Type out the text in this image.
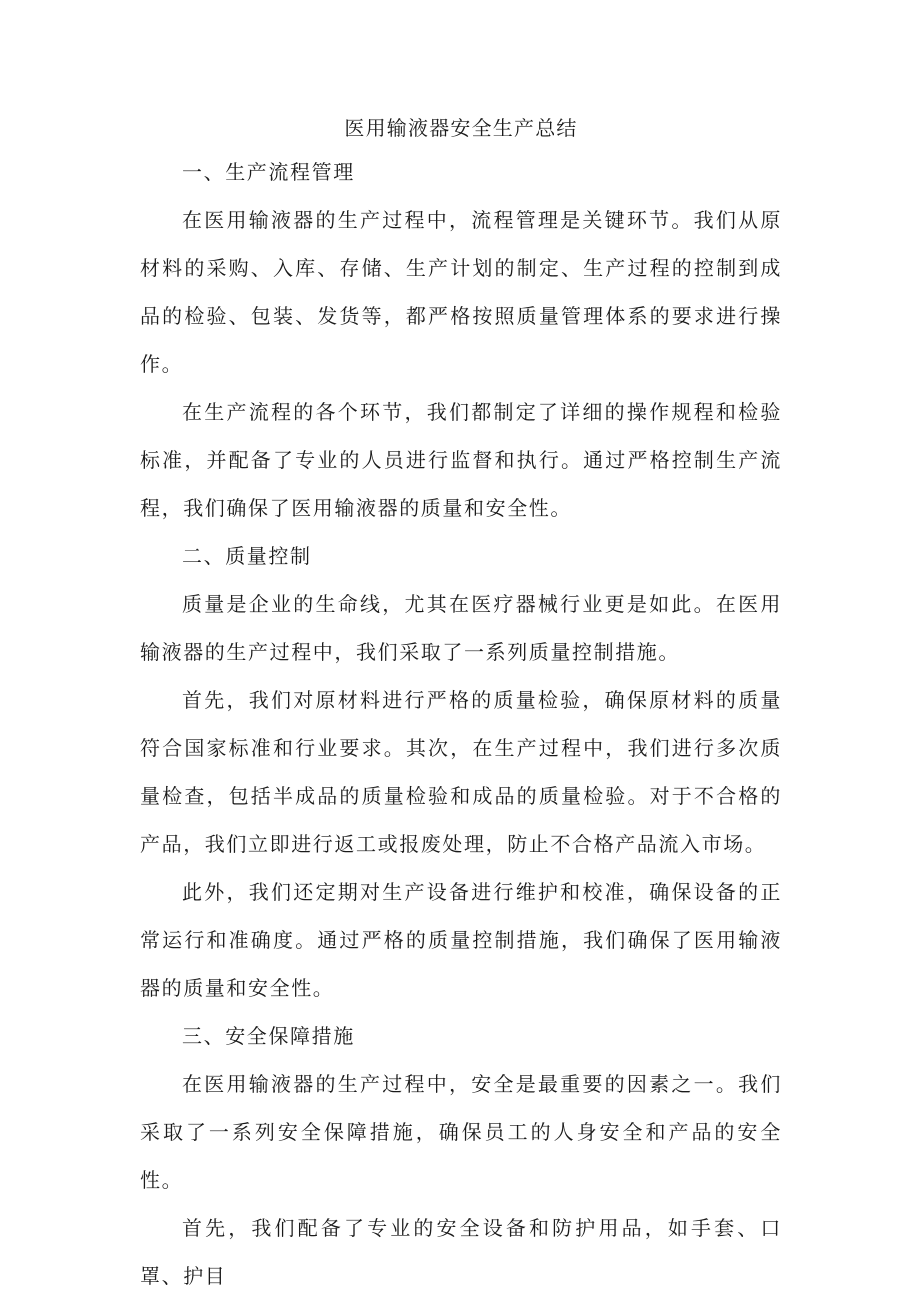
医用输液器安全生产总结

一、生产流程管理

在医用输液器的生产过程中，流程管理是关键环节。我们从原材料的采购、入库、存储、生产计划的制定、生产过程的控制到成品的检验、包装、发货等，都严格按照质量管理体系的要求进行操作。

在生产流程的各个环节，我们都制定了详细的操作规程和检验标准，并配备了专业的人员进行监督和执行。通过严格控制生产流程，我们确保了医用输液器的质量和安全性。

二、质量控制

质量是企业的生命线，尤其在医疗器械行业更是如此。在医用输液器的生产过程中，我们采取了一系列质量控制措施。

首先，我们对原材料进行严格的质量检验，确保原材料的质量符合国家标准和行业要求。其次，在生产过程中，我们进行多次质量检查，包括半成品的质量检验和成品的质量检验。对于不合格的产品，我们立即进行返工或报废处理，防止不合格产品流入市场。

此外，我们还定期对生产设备进行维护和校准，确保设备的正常运行和准确度。通过严格的质量控制措施，我们确保了医用输液器的质量和安全性。

三、安全保障措施

在医用输液器的生产过程中，安全是最重要的因素之一。我们采取了一系列安全保障措施，确保员工的人身安全和产品的安全性。

首先，我们配备了专业的安全设备和防护用品，如手套、口罩、护目
